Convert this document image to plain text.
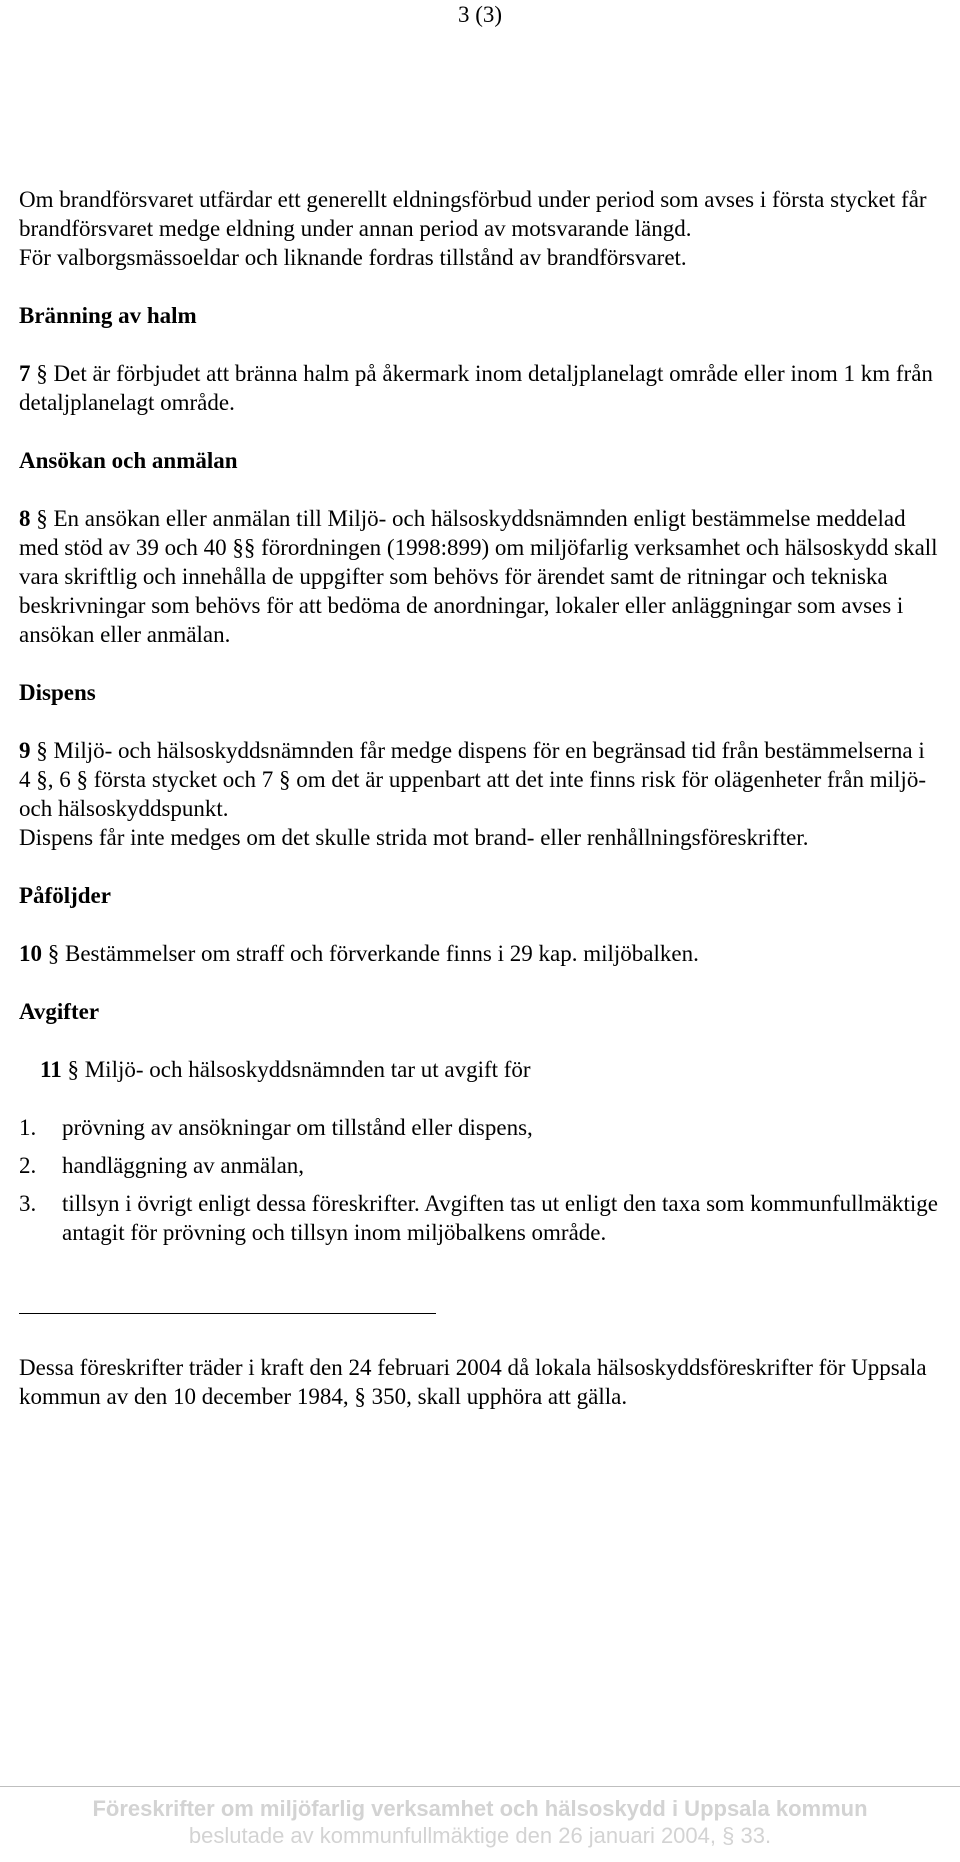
3 (3)

Om brandförsvaret utfärdar ett generellt eldningsförbud under period som avses i första stycket får brandförsvaret medge eldning under annan period av motsvarande längd.

För valborgsmässoeldar och liknande fordras tillstånd av brandförsvaret.

Bränning av halm

7 § Det är förbjudet att bränna halm på åkermark inom detaljplanelagt område eller inom 1 km från detaljplanelagt område.

Ansökan och anmälan

8 § En ansökan eller anmälan till Miljö- och hälsoskyddsnämnden enligt bestämmelse meddelad med stöd av 39 och 40 §§ förordningen (1998:899) om miljöfarlig verksamhet och hälsoskydd skall vara skriftlig och innehålla de uppgifter som behövs för ärendet samt de ritningar och tekniska beskrivningar som behövs för att bedöma de anordningar, lokaler eller anläggningar som avses i ansökan eller anmälan.

Dispens

9 § Miljö- och hälsoskyddsnämnden får medge dispens för en begränsad tid från bestämmelserna i 4 §, 6 § första stycket och 7 § om det är uppenbart att det inte finns risk för olägenheter från miljö- och hälsoskyddspunkt.

Dispens får inte medges om det skulle strida mot brand- eller renhållningsföreskrifter.

Påföljder

10 § Bestämmelser om straff och förverkande finns i 29 kap. miljöbalken.

Avgifter

11 § Miljö- och hälsoskyddsnämnden tar ut avgift för

1.	prövning av ansökningar om tillstånd eller dispens,
2.	handläggning av anmälan,
3.	tillsyn i övrigt enligt dessa föreskrifter. Avgiften tas ut enligt den taxa som kommunfullmäktige antagit för prövning och tillsyn inom miljöbalkens område.

Dessa föreskrifter träder i kraft den 24 februari 2004 då lokala hälsoskyddsföreskrifter för Uppsala kommun av den 10 december 1984, § 350, skall upphöra att gälla.

Föreskrifter om miljöfarlig verksamhet och hälsoskydd i Uppsala kommun
beslutade av kommunfullmäktige den 26 januari 2004, § 33.
